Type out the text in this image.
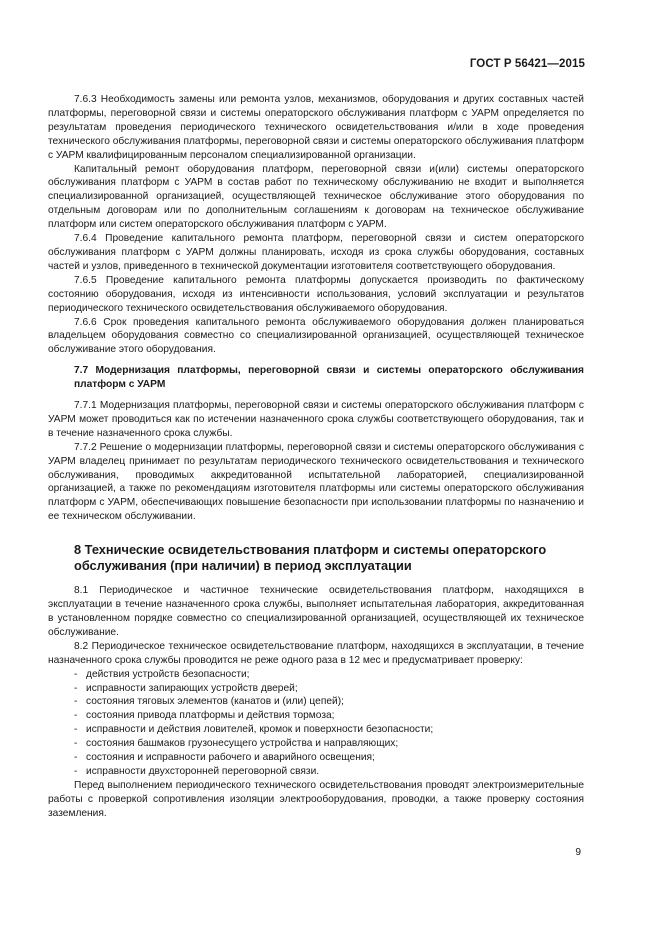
ГОСТ Р 56421—2015

7.6.3 Необходимость замены или ремонта узлов, механизмов, оборудования и других составных частей платформы, переговорной связи и системы операторского обслуживания платформ с УАРМ определяется по результатам проведения периодического технического освидетельствования и/или в ходе проведения технического обслуживания платформы, переговорной связи и системы операторского обслуживания платформ с УАРМ квалифицированным персоналом специализированной организации.

Капитальный ремонт оборудования платформ, переговорной связи и(или) системы операторского обслуживания платформ с УАРМ в состав работ по техническому обслуживанию не входит и выполняется специализированной организацией, осуществляющей техническое обслуживание этого оборудования по отдельным договорам или по дополнительным соглашениям к договорам на техническое обслуживание платформ или систем операторского обслуживания платформ с УАРМ.

7.6.4 Проведение капитального ремонта платформ, переговорной связи и систем операторского обслуживания платформ с УАРМ должны планировать, исходя из срока службы оборудования, составных частей и узлов, приведенного в технической документации изготовителя соответствующего оборудования.

7.6.5 Проведение капитального ремонта платформы допускается производить по фактическому состоянию оборудования, исходя из интенсивности использования, условий эксплуатации и результатов периодического технического освидетельствования обслуживаемого оборудования.

7.6.6 Срок проведения капитального ремонта обслуживаемого оборудования должен планироваться владельцем оборудования совместно со специализированной организацией, осуществляющей техническое обслуживание этого оборудования.

7.7 Модернизация платформы, переговорной связи и системы операторского обслуживания платформ с УАРМ

7.7.1 Модернизация платформы, переговорной связи и системы операторского обслуживания платформ с УАРМ может проводиться как по истечении назначенного срока службы соответствующего оборудования, так и в течение назначенного срока службы.

7.7.2 Решение о модернизации платформы, переговорной связи и системы операторского обслуживания с УАРМ владелец принимает по результатам периодического технического освидетельствования и технического обслуживания, проводимых аккредитованной испытательной лабораторией, специализированной организацией, а также по рекомендациям изготовителя платформы или системы операторского обслуживания платформ с УАРМ, обеспечивающих повышение безопасности при использовании платформы по назначению и ее техническом обслуживании.

8 Технические освидетельствования платформ и системы операторского обслуживания (при наличии) в период эксплуатации

8.1 Периодическое и частичное технические освидетельствования платформ, находящихся в эксплуатации в течение назначенного срока службы, выполняет испытательная лаборатория, аккредитованная в установленном порядке совместно со специализированной организацией, осуществляющей их техническое обслуживание.

8.2 Периодическое техническое освидетельствование платформ, находящихся в эксплуатации, в течение назначенного срока службы проводится не реже одного раза в 12 мес и предусматривает проверку:

- действия устройств безопасности;
- исправности запирающих устройств дверей;
- состояния тяговых элементов (канатов и (или) цепей);
- состояния привода платформы и действия тормоза;
- исправности и действия ловителей, кромок и поверхности безопасности;
- состояния башмаков грузонесущего устройства и направляющих;
- состояния и исправности рабочего и аварийного освещения;
- исправности двухсторонней переговорной связи.

Перед выполнением периодического технического освидетельствования проводят электроизмерительные работы с проверкой сопротивления изоляции электрооборудования, проводки, а также проверку состояния заземления.

9
